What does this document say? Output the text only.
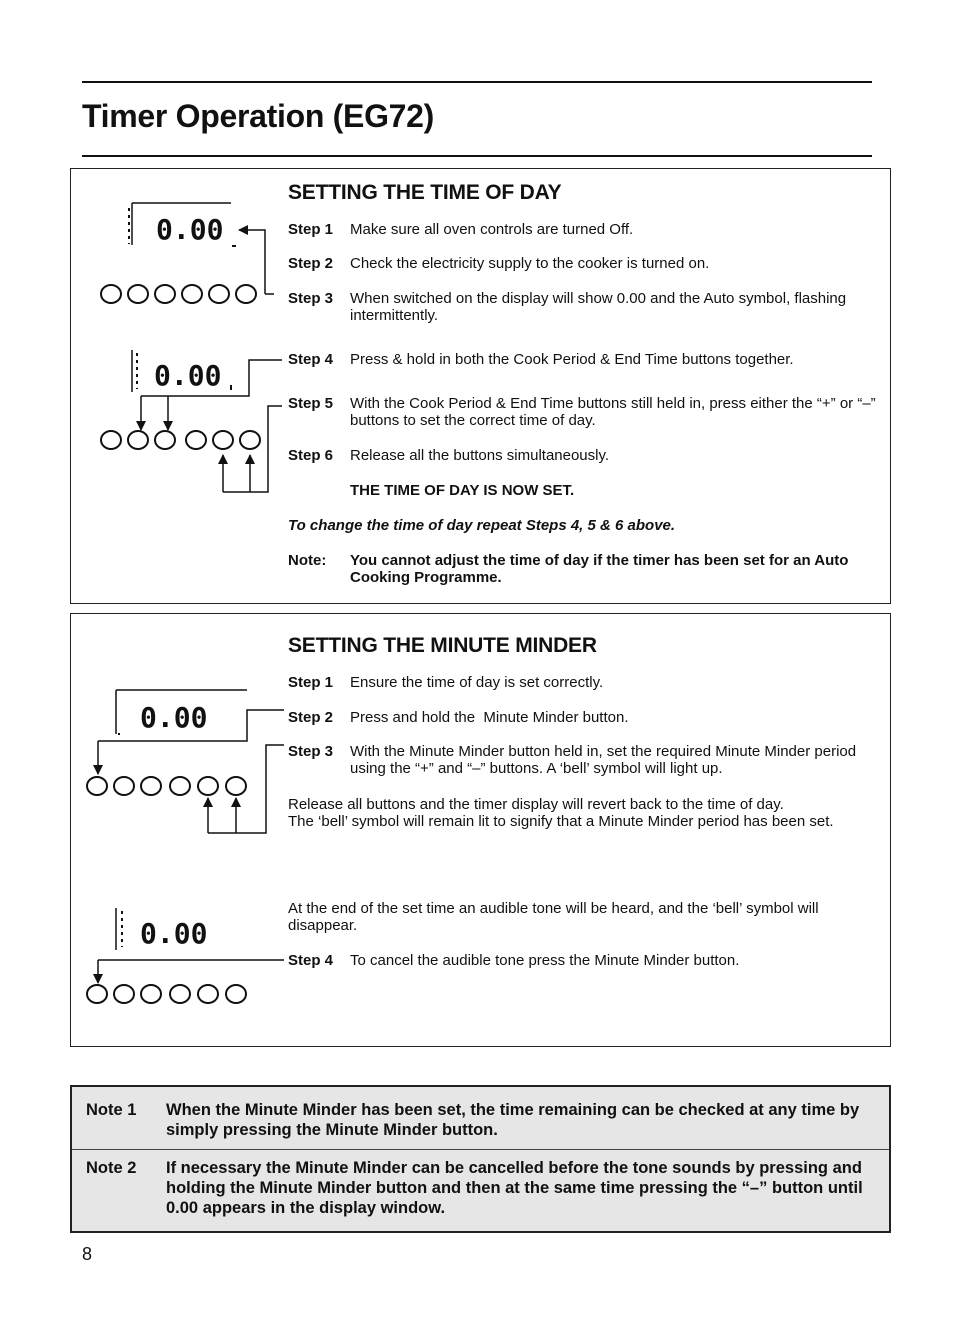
Timer Operation (EG72)
SETTING THE TIME OF DAY
Step 1 Make sure all oven controls are turned Off.
Step 2 Check the electricity supply to the cooker is turned on.
Step 3 When switched on the display will show 0.00 and the Auto symbol, flashing intermittently.
Step 4 Press & hold in both the Cook Period & End Time buttons together.
Step 5 With the Cook Period & End Time buttons still held in, press either the “+” or “–” buttons to set the correct time of day.
Step 6 Release all the buttons simultaneously.
THE TIME OF DAY IS NOW SET.
To change the time of day repeat Steps 4, 5 & 6 above.
Note: You cannot adjust the time of day if the timer has been set for an Auto Cooking Programme.
0.00
0.00
SETTING THE MINUTE MINDER
Step 1 Ensure the time of day is set correctly.
Step 2 Press and hold the  Minute Minder button.
Step 3 With the Minute Minder button held in, set the required Minute Minder period using the “+” and “–” buttons. A ‘bell’ symbol will light up.
Release all buttons and the timer display will revert back to the time of day.
The ‘bell’ symbol will remain lit to signify that a Minute Minder period has been set.
At the end of the set time an audible tone will be heard, and the ‘bell’ symbol will disappear.
Step 4 To cancel the audible tone press the Minute Minder button.
0.00
0.00
Note 1 When the Minute Minder has been set, the time remaining can be checked at any time by simply pressing the Minute Minder button.
Note 2 If necessary the Minute Minder can be cancelled before the tone sounds by pressing and holding the Minute Minder button and then at the same time pressing the “–” button until 0.00 appears in the display window.
8
